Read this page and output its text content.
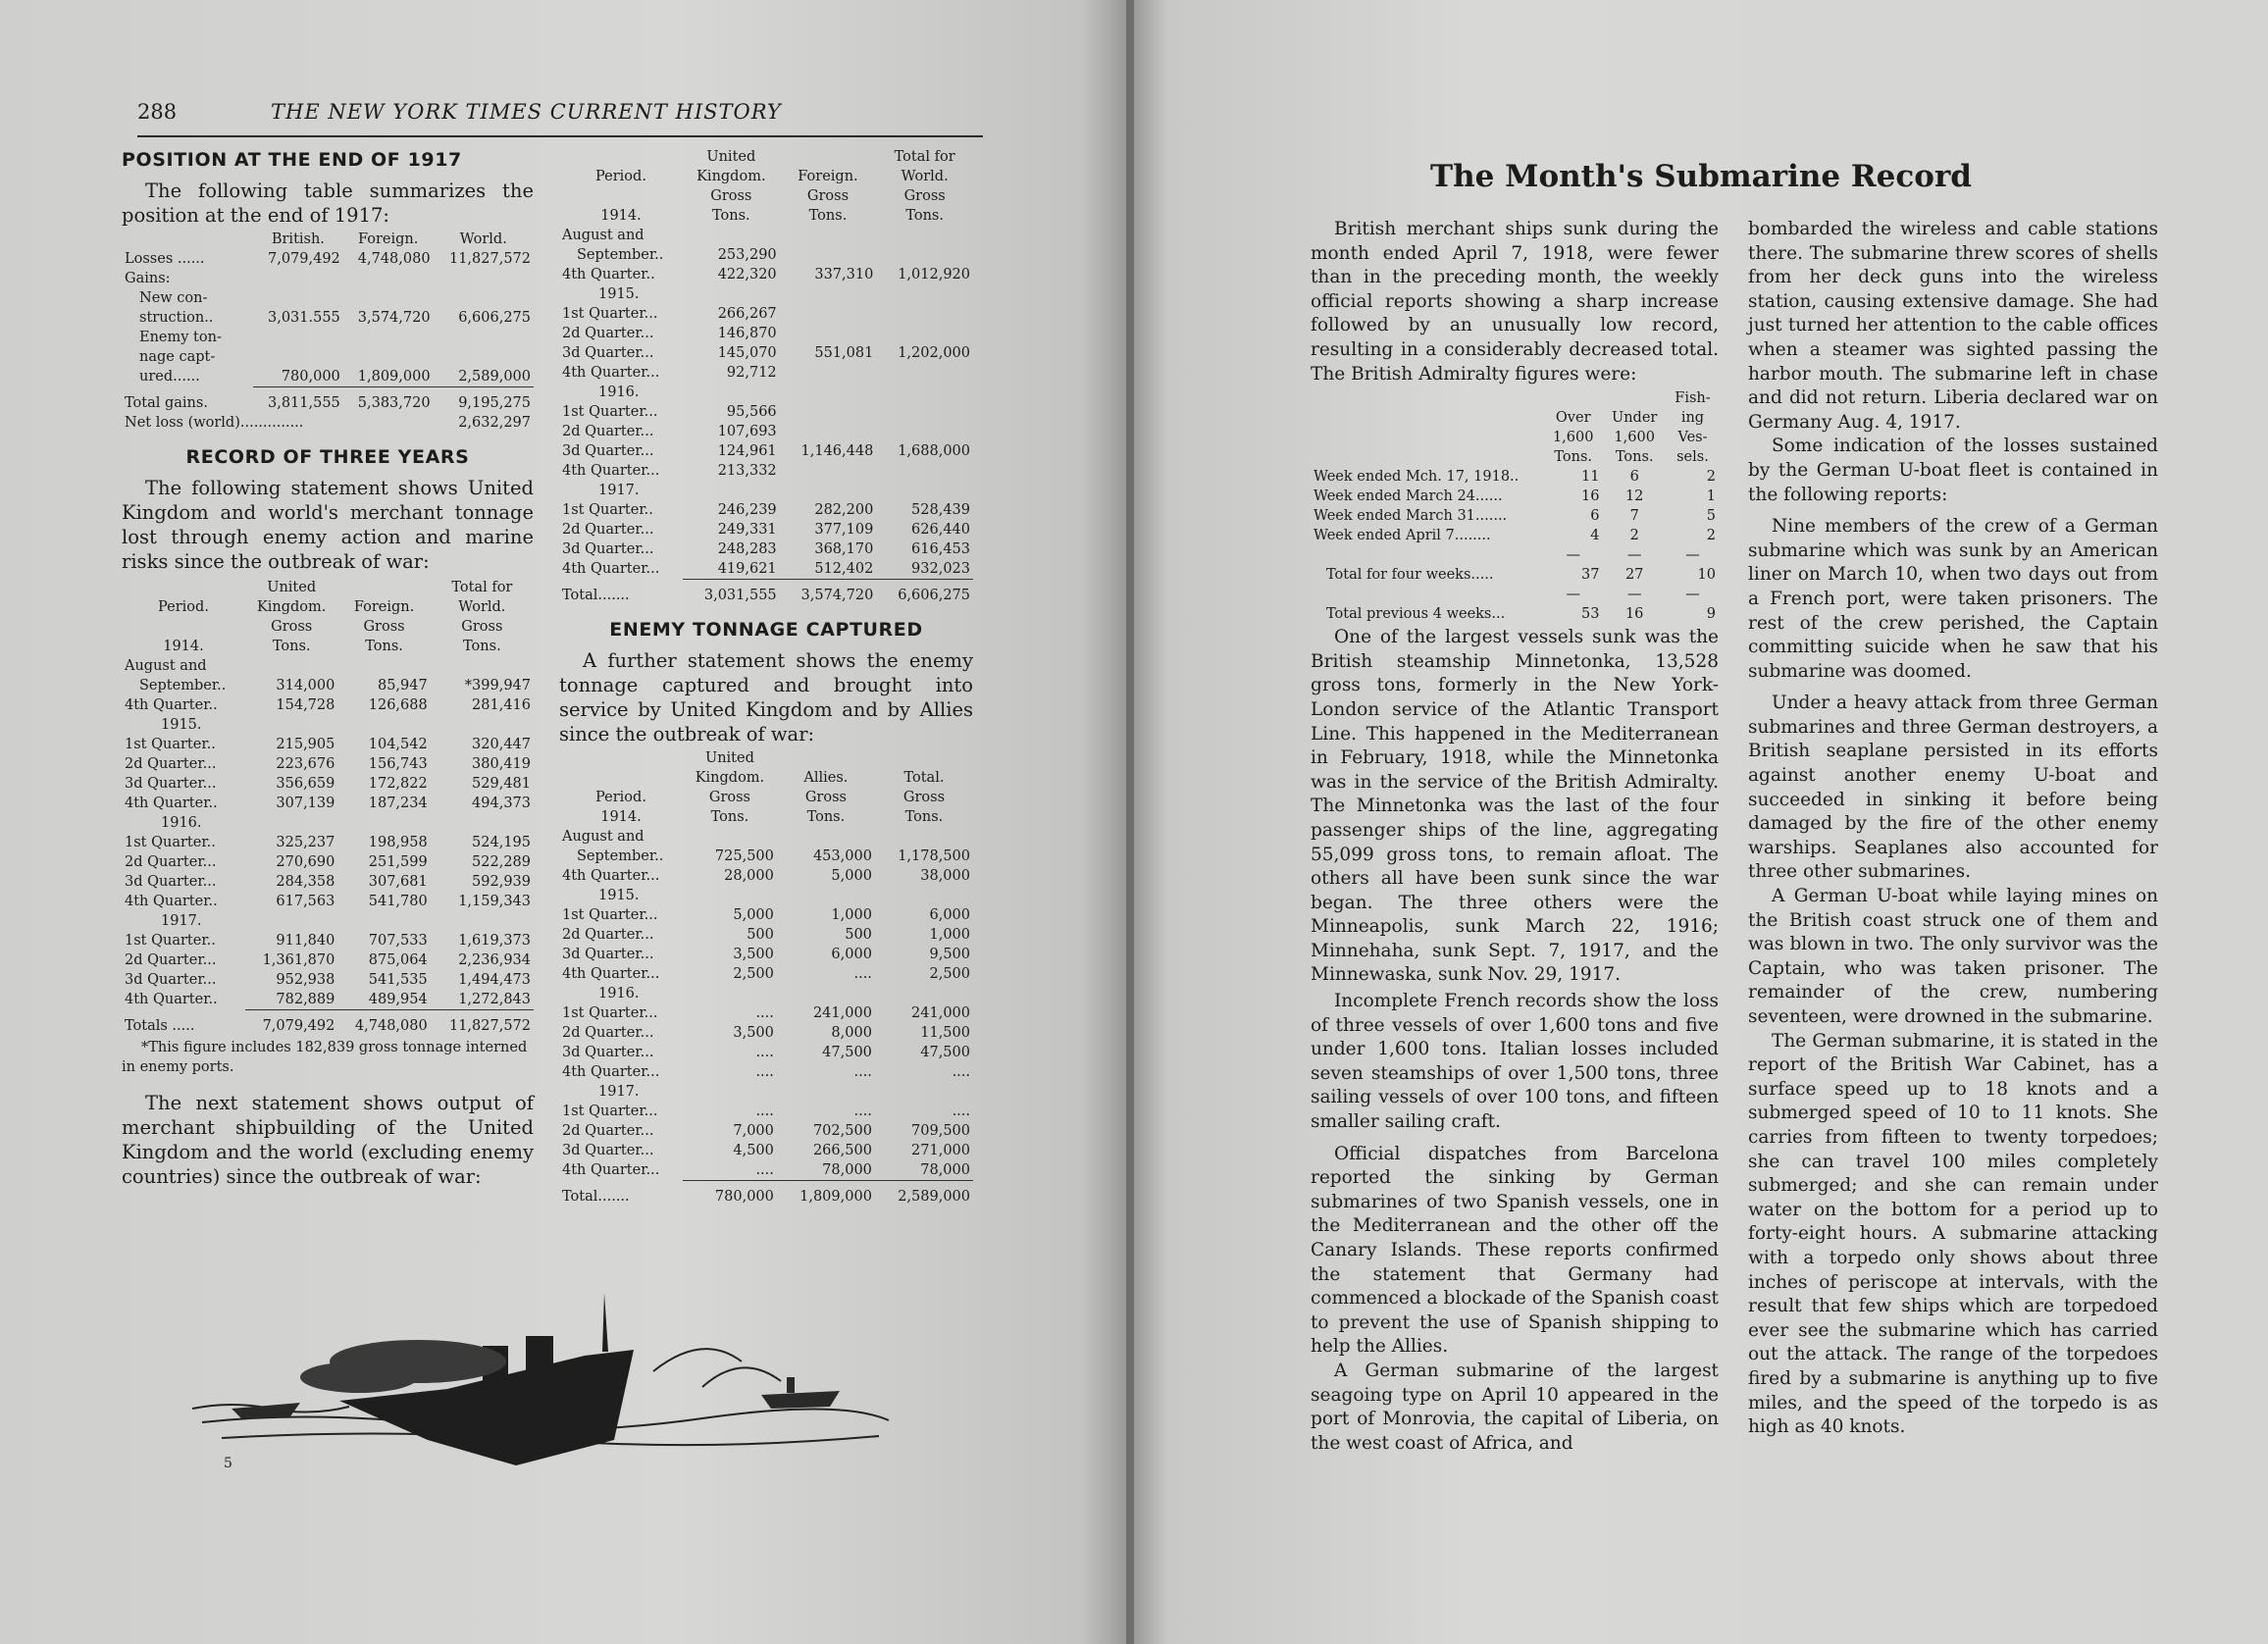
288	THE NEW YORK TIMES CURRENT HISTORY
POSITION AT THE END OF 1917

The following table summarizes the position at the end of 1917:

	British.	Foreign.	World.
Losses ......	7,079,492	4,748,080	11,827,572
Gains:			
New con-			
struction..	3,031.555	3,574,720	6,606,275
Enemy ton-			
nage capt-			
ured......	780,000	1,809,000	2,589,000

Total gains.	3,811,555	5,383,720	9,195,275
Net loss (world)..............			2,632,297
RECORD OF THREE YEARS

The following statement shows United Kingdom and world's merchant tonnage lost through enemy action and marine risks since the outbreak of war:

	United		Total for
Period.	Kingdom.	Foreign.	World.
	Gross	Gross	Gross
1914.	Tons.	Tons.	Tons.
August and			
September..	314,000	85,947	*399,947
4th Quarter..	154,728	126,688	281,416
1915.			
1st Quarter..	215,905	104,542	320,447
2d Quarter...	223,676	156,743	380,419
3d Quarter...	356,659	172,822	529,481
4th Quarter..	307,139	187,234	494,373
1916.			
1st Quarter..	325,237	198,958	524,195
2d Quarter...	270,690	251,599	522,289
3d Quarter...	284,358	307,681	592,939
4th Quarter..	617,563	541,780	1,159,343
1917.			
1st Quarter..	911,840	707,533	1,619,373
2d Quarter...	1,361,870	875,064	2,236,934
3d Quarter...	952,938	541,535	1,494,473
4th Quarter..	782,889	489,954	1,272,843

Totals .....	7,079,492	4,748,080	11,827,572

*This figure includes 182,839 gross tonnage interned in enemy ports.

The next statement shows output of merchant shipbuilding of the United Kingdom and the world (excluding enemy countries) since the outbreak of war:

	United		Total for
Period.	Kingdom.	Foreign.	World.
	Gross	Gross	Gross
1914.	Tons.	Tons.	Tons.
August and			
September..	253,290		
4th Quarter..	422,320	337,310	1,012,920
1915.			
1st Quarter...	266,267		
2d Quarter...	146,870		
3d Quarter...	145,070	551,081	1,202,000
4th Quarter...	92,712		
1916.			
1st Quarter...	95,566		
2d Quarter...	107,693		
3d Quarter...	124,961	1,146,448	1,688,000
4th Quarter...	213,332		
1917.			
1st Quarter..	246,239	282,200	528,439
2d Quarter...	249,331	377,109	626,440
3d Quarter...	248,283	368,170	616,453
4th Quarter...	419,621	512,402	932,023

Total.......	3,031,555	3,574,720	6,606,275
ENEMY TONNAGE CAPTURED

A further statement shows the enemy tonnage captured and brought into service by United Kingdom and by Allies since the outbreak of war:

	United		
	Kingdom.	Allies.	Total.
Period.	Gross	Gross	Gross
1914.	Tons.	Tons.	Tons.
August and			
September..	725,500	453,000	1,178,500
4th Quarter...	28,000	5,000	38,000
1915.			
1st Quarter...	5,000	1,000	6,000
2d Quarter...	500	500	1,000
3d Quarter...	3,500	6,000	9,500
4th Quarter...	2,500	....	2,500
1916.			
1st Quarter...	....	241,000	241,000
2d Quarter...	3,500	8,000	11,500
3d Quarter...	....	47,500	47,500
4th Quarter...	....	....	....
1917.			
1st Quarter...	....	....	....
2d Quarter...	7,000	702,500	709,500
3d Quarter...	4,500	266,500	271,000
4th Quarter...	....	78,000	78,000

Total.......	780,000	1,809,000	2,589,000
5
The Month's Submarine Record

British merchant ships sunk during the month ended April 7, 1918, were fewer than in the preceding month, the weekly official reports showing a sharp increase followed by an unusually low record, resulting in a considerably decreased total. The British Admiralty figures were:

			Fish-
	Over	Under	ing
	1,600	1,600	Ves-
	Tons.	Tons.	sels.
Week ended Mch. 17, 1918..	11	6	2
Week ended March 24......	16	12	1
Week ended March 31.......	6	7	5
Week ended April 7........	4	2	2
	—	—	—
Total for four weeks.....	37	27	10
	—	—	—
Total previous 4 weeks...	53	16	9

One of the largest vessels sunk was the British steamship Minnetonka, 13,528 gross tons, formerly in the New York-London service of the Atlantic Transport Line. This happened in the Mediterranean in February, 1918, while the Minnetonka was in the service of the British Admiralty. The Minnetonka was the last of the four passenger ships of the line, aggregating 55,099 gross tons, to remain afloat. The others all have been sunk since the war began. The three others were the Minneapolis, sunk March 22, 1916; Minnehaha, sunk Sept. 7, 1917, and the Minnewaska, sunk Nov. 29, 1917.

Incomplete French records show the loss of three vessels of over 1,600 tons and five under 1,600 tons. Italian losses included seven steamships of over 1,500 tons, three sailing vessels of over 100 tons, and fifteen smaller sailing craft.

Official dispatches from Barcelona reported the sinking by German submarines of two Spanish vessels, one in the Mediterranean and the other off the Canary Islands. These reports confirmed the statement that Germany had commenced a blockade of the Spanish coast to prevent the use of Spanish shipping to help the Allies.

A German submarine of the largest seagoing type on April 10 appeared in the port of Monrovia, the capital of Liberia, on the west coast of Africa, and

bombarded the wireless and cable stations there. The submarine threw scores of shells from her deck guns into the wireless station, causing extensive damage. She had just turned her attention to the cable offices when a steamer was sighted passing the harbor mouth. The submarine left in chase and did not return. Liberia declared war on Germany Aug. 4, 1917.

Some indication of the losses sustained by the German U-boat fleet is contained in the following reports:

Nine members of the crew of a German submarine which was sunk by an American liner on March 10, when two days out from a French port, were taken prisoners. The rest of the crew perished, the Captain committing suicide when he saw that his submarine was doomed.

Under a heavy attack from three German submarines and three German destroyers, a British seaplane persisted in its efforts against another enemy U-boat and succeeded in sinking it before being damaged by the fire of the other enemy warships. Seaplanes also accounted for three other submarines.

A German U-boat while laying mines on the British coast struck one of them and was blown in two. The only survivor was the Captain, who was taken prisoner. The remainder of the crew, numbering seventeen, were drowned in the submarine.

The German submarine, it is stated in the report of the British War Cabinet, has a surface speed up to 18 knots and a submerged speed of 10 to 11 knots. She carries from fifteen to twenty torpedoes; she can travel 100 miles completely submerged; and she can remain under water on the bottom for a period up to forty-eight hours. A submarine attacking with a torpedo only shows about three inches of periscope at intervals, with the result that few ships which are torpedoed ever see the submarine which has carried out the attack. The range of the torpedoes fired by a submarine is anything up to five miles, and the speed of the torpedo is as high as 40 knots.
